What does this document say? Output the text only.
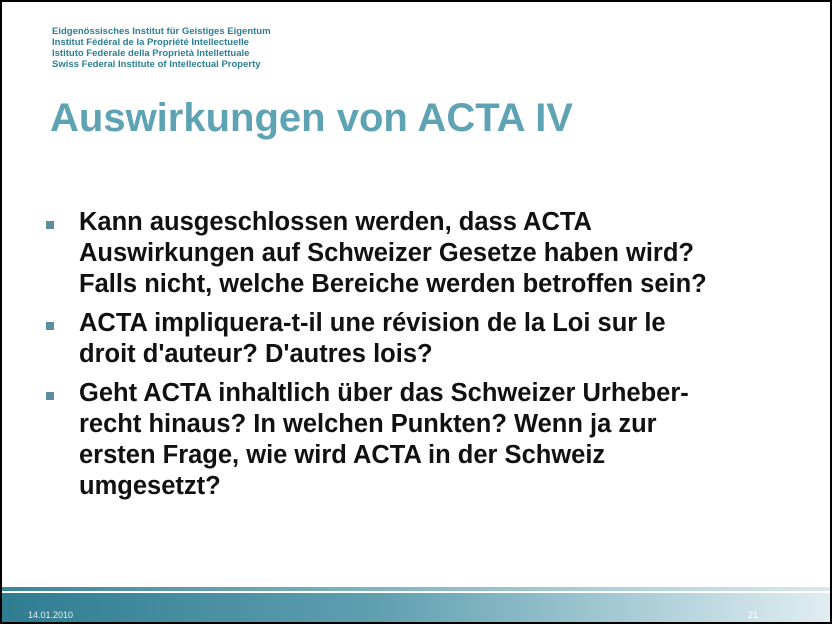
Eidgenössisches Institut für Geistiges Eigentum
Institut Fédéral de la Propriété Intellectuelle
Istituto Federale della Proprietà Intellettuale
Swiss Federal Institute of Intellectual Property
Auswirkungen von ACTA IV
Kann ausgeschlossen werden, dass ACTA
Auswirkungen auf Schweizer Gesetze haben wird?
Falls nicht, welche Bereiche werden betroffen sein?
ACTA impliquera-t-il une révision de la Loi sur le
droit d'auteur? D'autres lois?
Geht ACTA inhaltlich über das Schweizer Urheber-
recht hinaus? In welchen Punkten? Wenn ja zur
ersten Frage, wie wird ACTA in der Schweiz
umgesetzt?
14.01.2010	21
